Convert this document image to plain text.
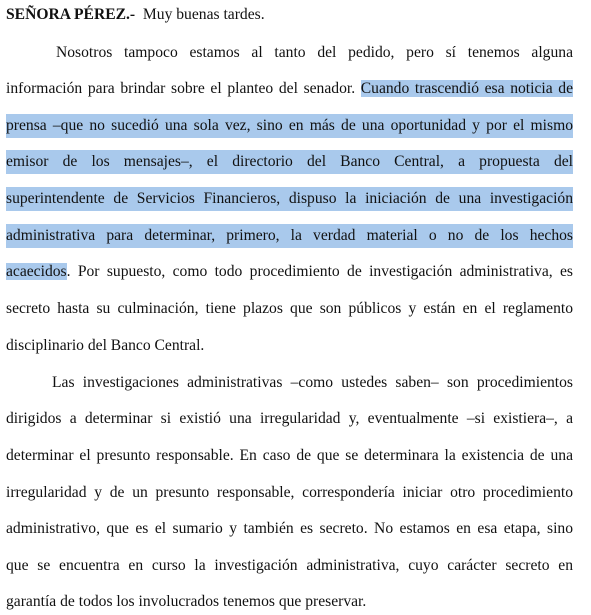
SEÑORA PÉREZ.- Muy buenas tardes.
Nosotros tampoco estamos al tanto del pedido, pero sí tenemos alguna
información para brindar sobre el planteo del senador. Cuando trascendió esa noticia de
prensa –que no sucedió una sola vez, sino en más de una oportunidad y por el mismo
emisor de los mensajes–, el directorio del Banco Central, a propuesta del
superintendente de Servicios Financieros, dispuso la iniciación de una investigación
administrativa para determinar, primero, la verdad material o no de los hechos
acaecidos. Por supuesto, como todo procedimiento de investigación administrativa, es
secreto hasta su culminación, tiene plazos que son públicos y están en el reglamento
disciplinario del Banco Central.
Las investigaciones administrativas –como ustedes saben– son procedimientos
dirigidos a determinar si existió una irregularidad y, eventualmente –si existiera–, a
determinar el presunto responsable. En caso de que se determinara la existencia de una
irregularidad y de un presunto responsable, correspondería iniciar otro procedimiento
administrativo, que es el sumario y también es secreto. No estamos en esa etapa, sino
que se encuentra en curso la investigación administrativa, cuyo carácter secreto en
garantía de todos los involucrados tenemos que preservar.
